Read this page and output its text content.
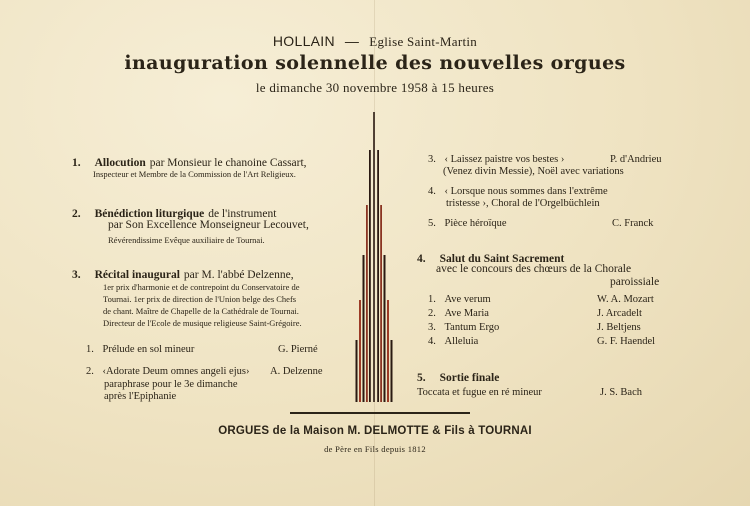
HOLLAIN — Eglise Saint-Martin
inauguration solennelle des nouvelles orgues
le dimanche 30 novembre 1958 à 15 heures
1. Allocution par Monsieur le chanoine Cassart,
Inspecteur et Membre de la Commission de l'Art Religieux.
2. Bénédiction liturgique de l'instrument
par Son Excellence Monseigneur Lecouvet,
Révérendissime Evêque auxiliaire de Tournai.
3. Récital inaugural par M. l'abbé Delzenne,
1er prix d'harmonie et de contrepoint du Conservatoire de
Tournai. 1er prix de direction de l'Union belge des Chefs
de chant. Maître de Chapelle de la Cathédrale de Tournai.
Directeur de l'Ecole de musique religieuse Saint-Grégoire.
1. Prélude en sol mineur	G. Pierné
2. ‹Adorate Deum omnes angeli ejus› A. Delzenne
paraphrase pour le 3e dimanche
après l'Epiphanie
3. ‹ Laissez paistre vos bestes ›	P. d'Andrieu
(Venez divin Messie), Noël avec variations
4. ‹ Lorsque nous sommes dans l'extrême
tristesse ›, Choral de l'Orgelbüchlein
5. Pièce héroïque	C. Franck
4. Salut du Saint Sacrement
avec le concours des chœurs de la Chorale
paroissiale
1. Ave verum	W. A. Mozart
2. Ave Maria	J. Arcadelt
3. Tantum Ergo	J. Beltjens
4. Alleluia	G. F. Haendel
5. Sortie finale
Toccata et fugue en ré mineur	J. S. Bach
ORGUES de la Maison M. DELMOTTE & Fils à TOURNAI
de Père en Fils depuis 1812
